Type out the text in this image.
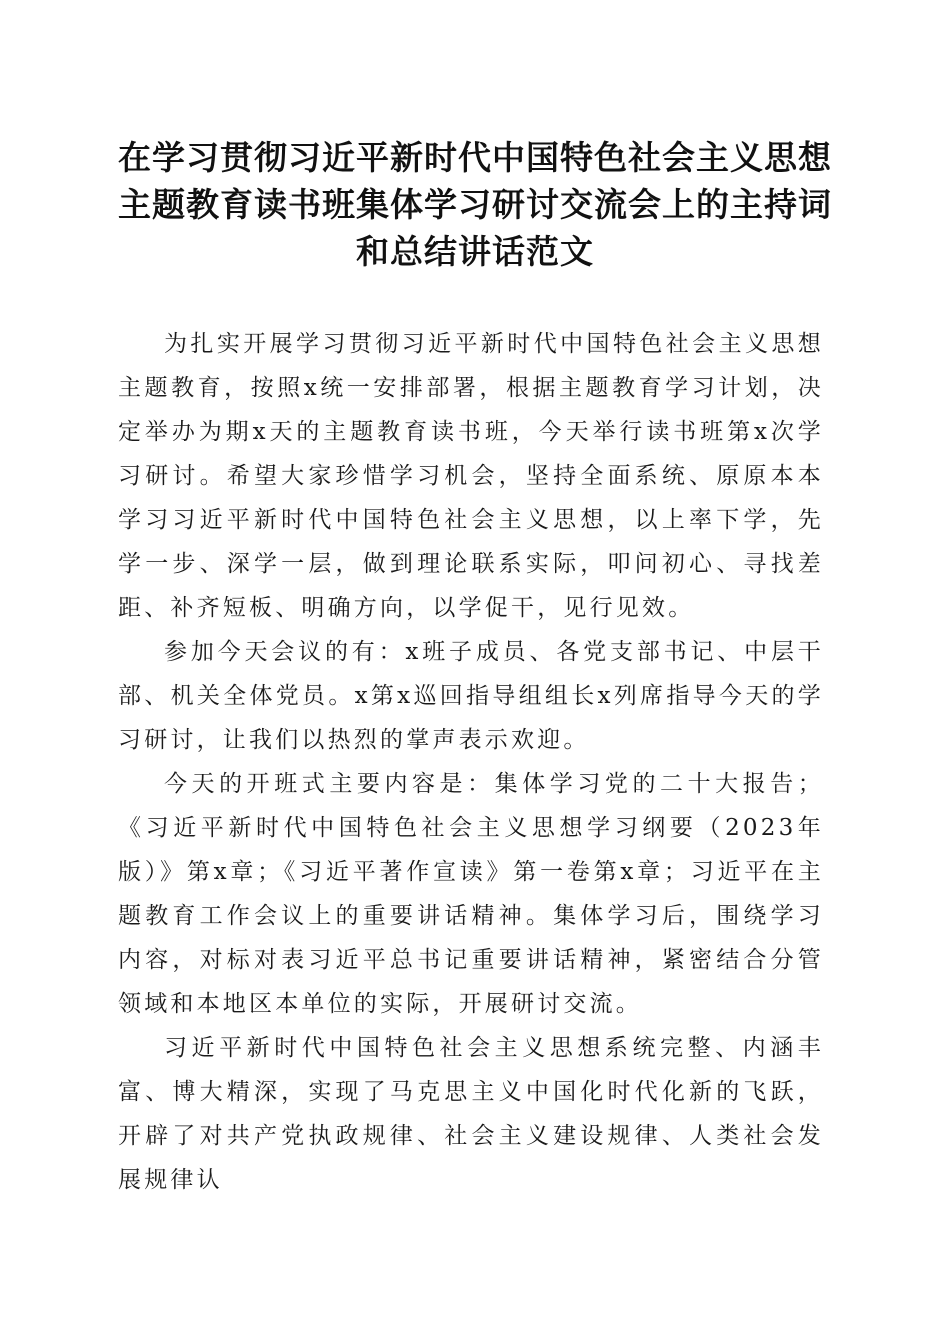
在学习贯彻习近平新时代中国特色社会主义思想主题教育读书班集体学习研讨交流会上的主持词和总结讲话范文

为扎实开展学习贯彻习近平新时代中国特色社会主义思想主题教育，按照x统一安排部署，根据主题教育学习计划，决定举办为期x天的主题教育读书班，今天举行读书班第x次学习研讨。希望大家珍惜学习机会，坚持全面系统、原原本本学习习近平新时代中国特色社会主义思想，以上率下学，先学一步、深学一层，做到理论联系实际，叩问初心、寻找差距、补齐短板、明确方向，以学促干，见行见效。

参加今天会议的有：x班子成员、各党支部书记、中层干部、机关全体党员。x第x巡回指导组组长x列席指导今天的学习研讨，让我们以热烈的掌声表示欢迎。

今天的开班式主要内容是：集体学习党的二十大报告；《习近平新时代中国特色社会主义思想学习纲要（2023年版）》第x章；《习近平著作宣读》第一卷第x章；习近平在主题教育工作会议上的重要讲话精神。集体学习后，围绕学习内容，对标对表习近平总书记重要讲话精神，紧密结合分管领域和本地区本单位的实际，开展研讨交流。

习近平新时代中国特色社会主义思想系统完整、内涵丰富、博大精深，实现了马克思主义中国化时代化新的飞跃，开辟了对共产党执政规律、社会主义建设规律、人类社会发展规律认
